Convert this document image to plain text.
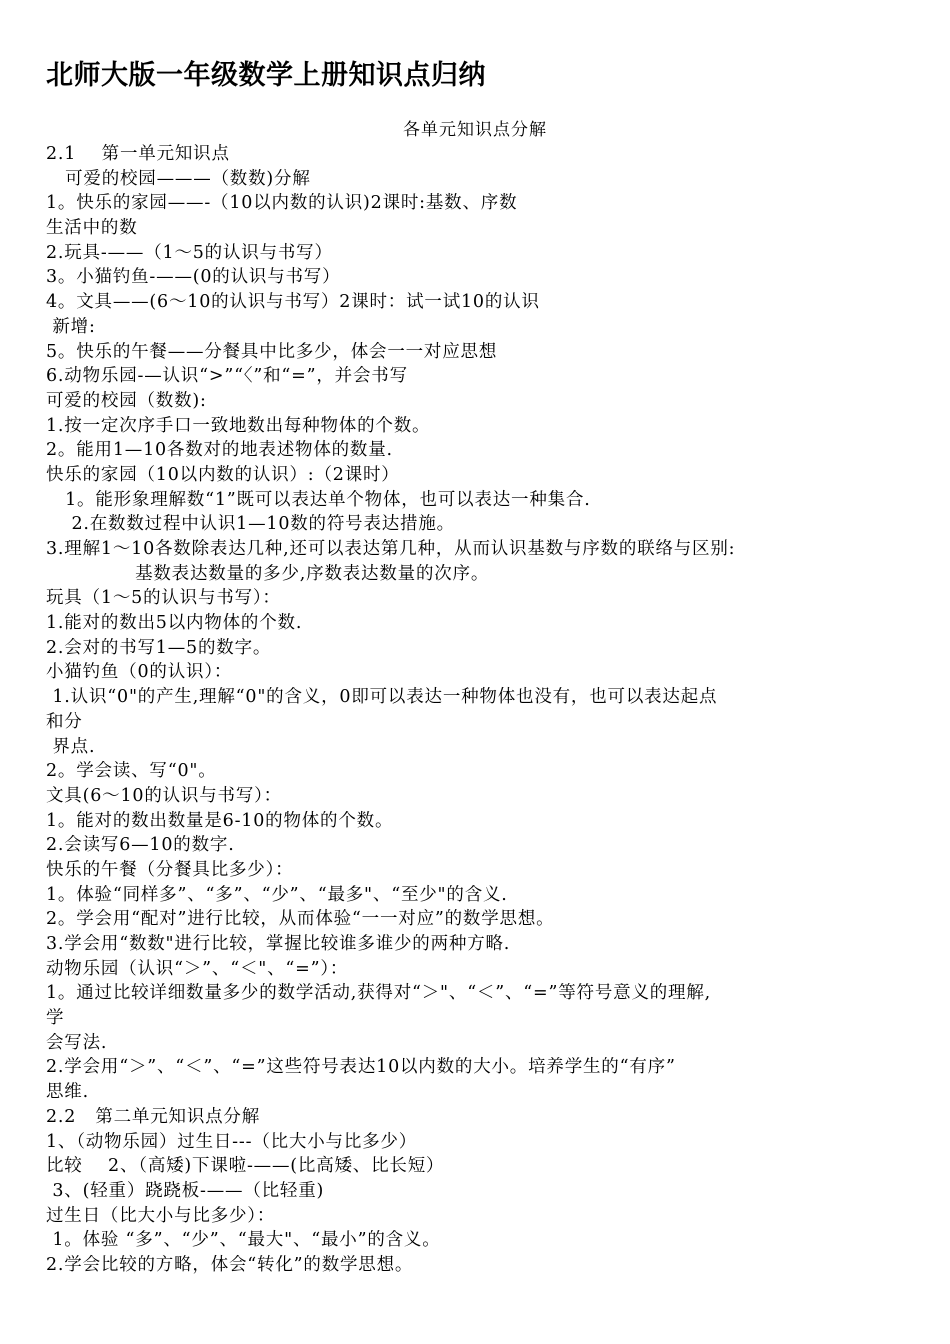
北师大版一年级数学上册知识点归纳
各单元知识点分解
2.1    第一单元知识点
可爱的校园———（数数)分解
1。快乐的家园——-（10以内数的认识)2课时:基数、序数
生活中的数
2.玩具-——（1～5的认识与书写）
3。小猫钓鱼-——(0的认识与书写）
4。文具——(6～10的认识与书写）2课时：试一试10的认识
新增:
5。快乐的午餐——分餐具中比多少，体会一一对应思想
6.动物乐园-—认识“>”“〈”和“=”，并会书写
可爱的校园（数数):
1.按一定次序手口一致地数出每种物体的个数。
2。能用1—10各数对的地表述物体的数量.
快乐的家园（10以内数的认识）:（2课时）
1。能形象理解数“1”既可以表达单个物体，也可以表达一种集合.
2.在数数过程中认识1—10数的符号表达措施。
3.理解1～10各数除表达几种,还可以表达第几种，从而认识基数与序数的联络与区别:
基数表达数量的多少,序数表达数量的次序。
玩具（1～5的认识与书写）：
1.能对的数出5以内物体的个数.
2.会对的书写1—5的数字。
小猫钓鱼（0的认识）：
1.认识“0"的产生,理解“0"的含义，0即可以表达一种物体也没有，也可以表达起点
和分
界点.
2。学会读、写“0"。
文具(6～10的认识与书写）：
1。能对的数出数量是6-10的物体的个数。
2.会读写6—10的数字.
快乐的午餐（分餐具比多少）：
1。体验“同样多”、“多”、“少”、“最多"、“至少"的含义.
2。学会用“配对”进行比较，从而体验“一一对应”的数学思想。
3.学会用“数数"进行比较，掌握比较谁多谁少的两种方略.
动物乐园（认识“＞”、“＜"、“=”）：
1。通过比较详细数量多少的数学活动,获得对“＞"、“＜”、“=”等符号意义的理解,
学
会写法.
2.学会用“＞”、“＜”、“=”这些符号表达10以内数的大小。培养学生的“有序”
思维.
2.2   第二单元知识点分解
1、（动物乐园）过生日---（比大小与比多少）
比较    2、（高矮)下课啦-——(比高矮、比长短）
3、(轻重）跷跷板-——（比轻重)
过生日（比大小与比多少）：
1。体验 “多”、“少”、“最大"、“最小”的含义。
2.学会比较的方略，体会“转化”的数学思想。
